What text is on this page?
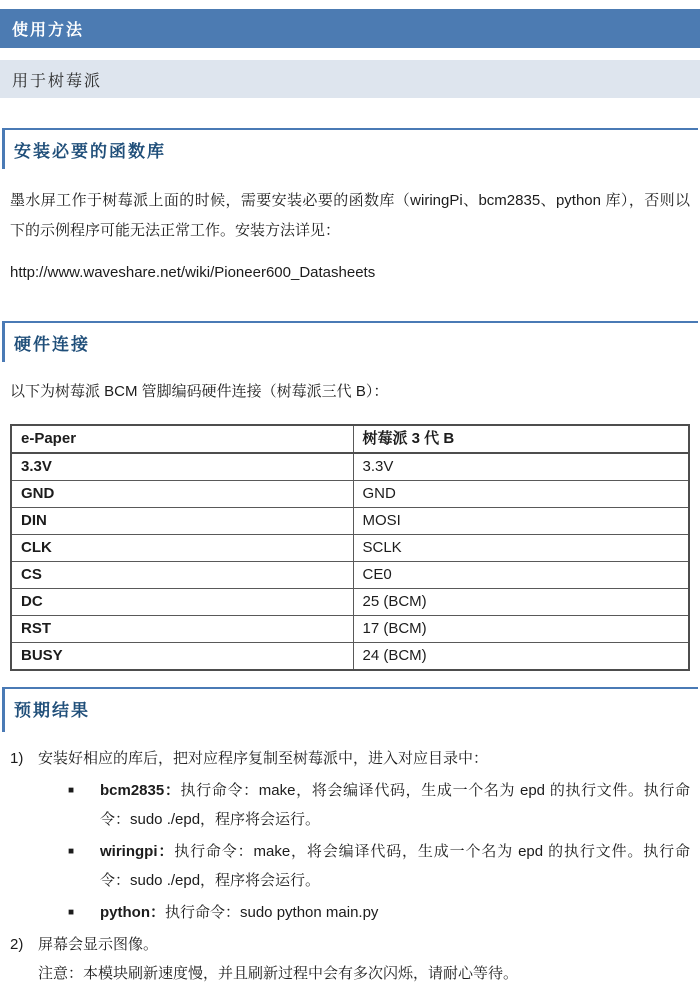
使用方法
用于树莓派
安装必要的函数库

墨水屏工作于树莓派上面的时候，需要安装必要的函数库（wiringPi、bcm2835、python 库），否则以下的示例程序可能无法正常工作。安装方法详见：

http://www.waveshare.net/wiki/Pioneer600_Datasheets
硬件连接

以下为树莓派 BCM 管脚编码硬件连接（树莓派三代 B）：

e-Paper	树莓派 3 代 B
3.3V	3.3V
GND	GND
DIN	MOSI
CLK	SCLK
CS	CE0
DC	25 (BCM)
RST	17 (BCM)
BUSY	24 (BCM)
预期结果
1) 安装好相应的库后，把对应程序复制至树莓派中，进入对应目录中：
■	bcm2835：执行命令：make，将会编译代码，生成一个名为 epd 的执行文件。执行命令：sudo ./epd，程序将会运行。
■	wiringpi：执行命令：make，将会编译代码，生成一个名为 epd 的执行文件。执行命令：sudo ./epd，程序将会运行。
■	python：执行命令：sudo python main.py
2) 屏幕会显示图像。
注意：本模块刷新速度慢，并且刷新过程中会有多次闪烁，请耐心等待。
